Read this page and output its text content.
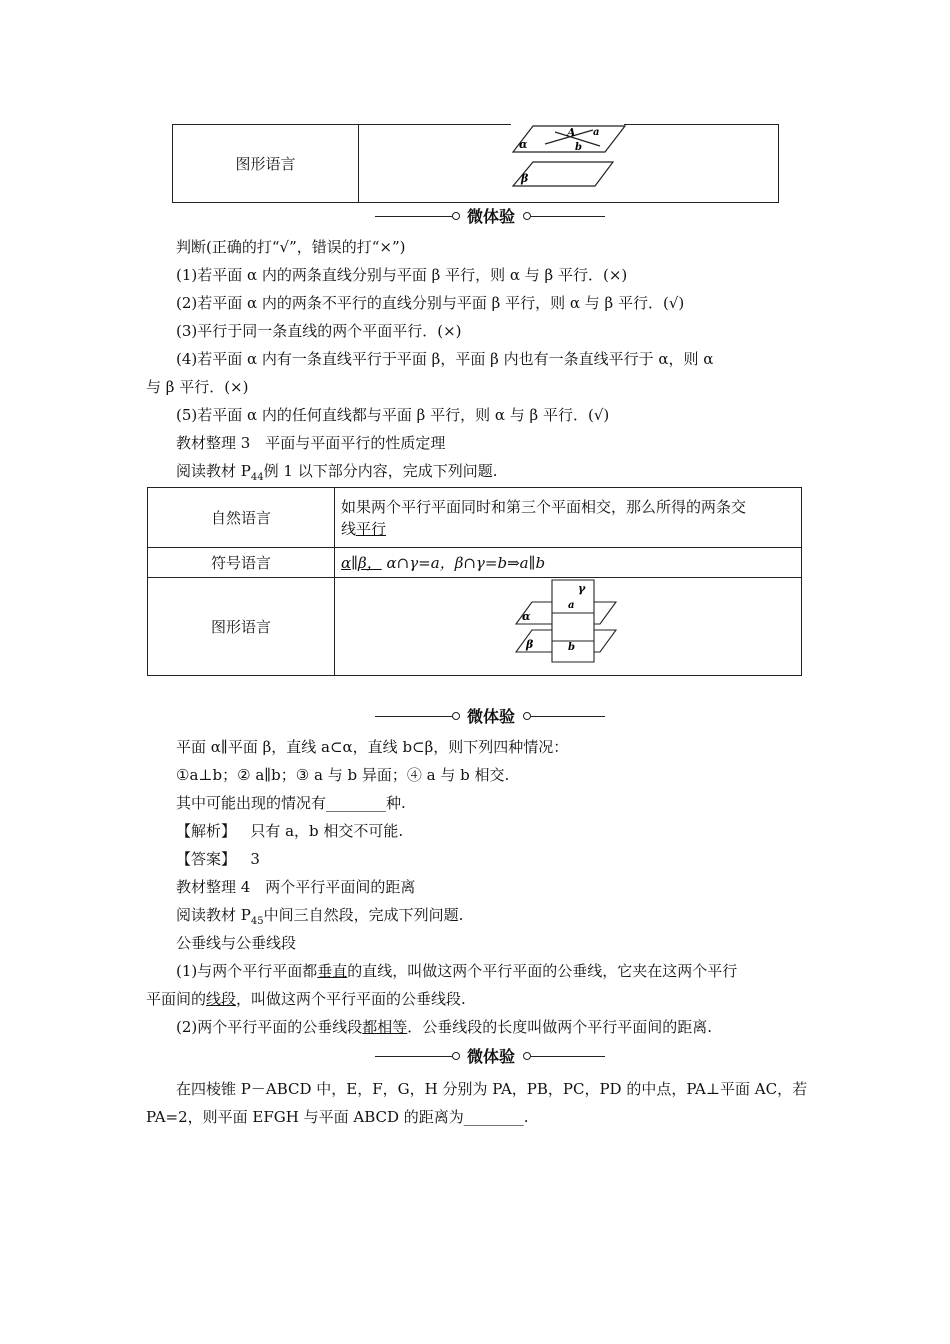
图形语言	
α
A a
b
β
微体验
判断(正确的打“√”，错误的打“×”)
(1)若平面 α 内的两条直线分别与平面 β 平行，则 α 与 β 平行．(×)
(2)若平面 α 内的两条不平行的直线分别与平面 β 平行，则 α 与 β 平行．(√)
(3)平行于同一条直线的两个平面平行．(×)
(4)若平面 α 内有一条直线平行于平面 β，平面 β 内也有一条直线平行于 α，则 α
与 β 平行．(×)
(5)若平面 α 内的任何直线都与平面 β 平行，则 α 与 β 平行．(√)
教材整理 3　平面与平面平行的性质定理
阅读教材 $P_{44}$例 1 以下部分内容，完成下列问题.
自然语言	如果两个平行平面同时和第三个平面相交，那么所得的两条交
线平行

符号语言	α∥β， α∩γ=a，β∩γ=b⇒a∥b
图形语言	
γ
α
a
β	b
微体验
平面 α∥平面 β，直线 a⊂α，直线 b⊂β，则下列四种情况：
①a⊥b；② a∥b；③ a 与 b 异面；④ a 与 b 相交.
其中可能出现的情况有________种.
【解析】 只有 a，b 相交不可能.
【答案】 3
教材整理 4　两个平行平面间的距离
阅读教材 $P_{45}$中间三自然段，完成下列问题.
公垂线与公垂线段
(1)与两个平行平面都垂直的直线，叫做这两个平行平面的公垂线，它夹在这两个平行
平面间的线段，叫做这两个平行平面的公垂线段.
(2)两个平行平面的公垂线段都相等．公垂线段的长度叫做两个平行平面间的距离.
微体验
在四棱锥 P－ABCD 中，E，F，G，H 分别为 PA，PB，PC，PD 的中点，PA⊥平面 AC，若
PA=2，则平面 EFGH 与平面 ABCD 的距离为________.
